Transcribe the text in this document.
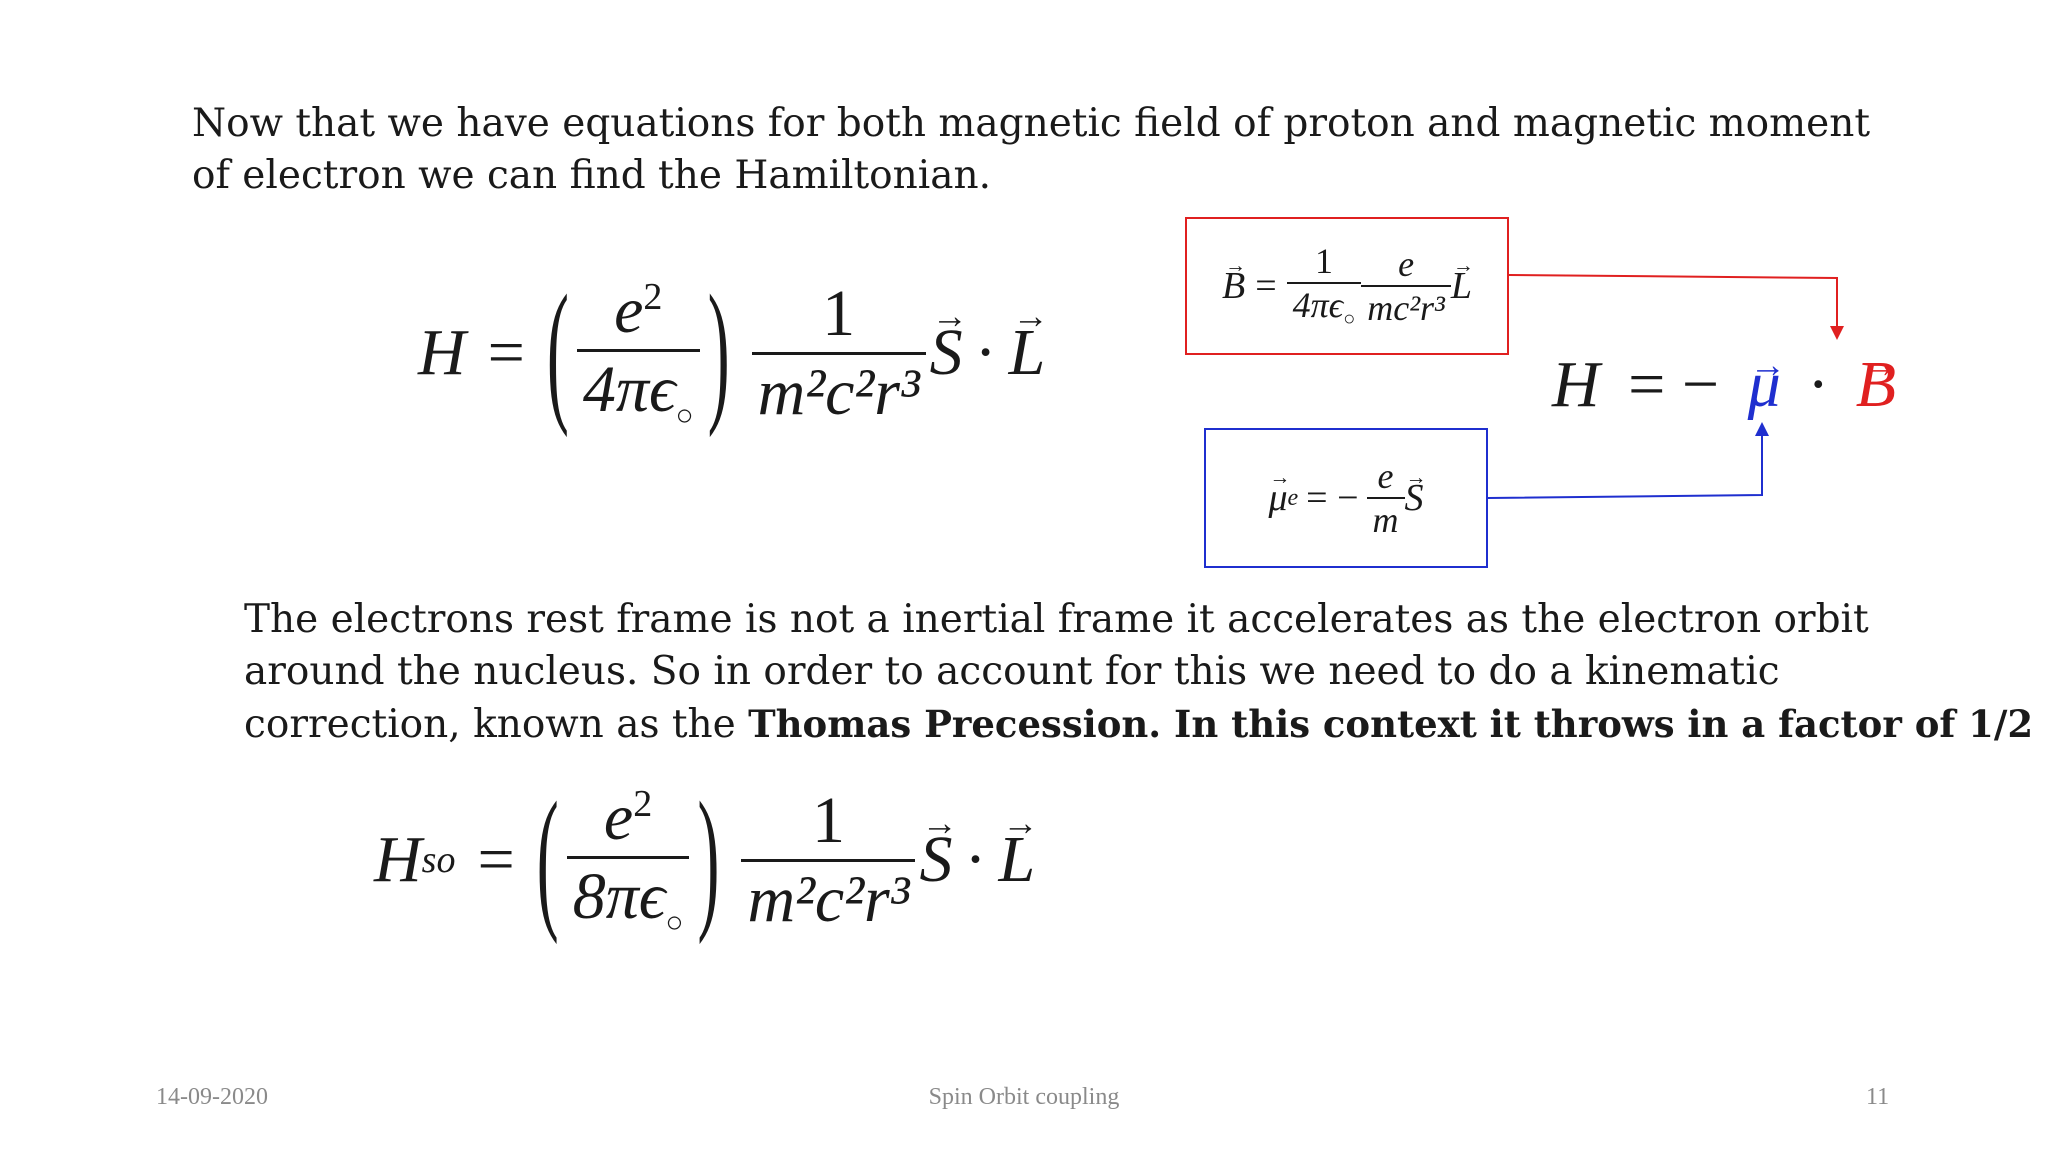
Now that we have equations for both magnetic field of proton and magnetic moment
of electron we can find the Hamiltonian.
H = ( $\frac{e^2}{4\pi\epsilon_○}$ ) $\frac{1}{\text{m²c²r³}}$
→ S ·
→ L
→ $B = \frac{1}{4\pi\epsilon_○} \frac{e}{\text{mc²r³}}$
→ L
→ μ e = − $\frac{e}{m}$
→ S
H = − → μ · → B
The electrons rest frame is not a inertial frame it accelerates as the electron orbit
around the nucleus. So in order to account for this we need to do a kinematic
correction, known as the Thomas Precession. In this context it throws in a factor of 1/2
H so = ( $\frac{e^2}{8\pi\epsilon_○}$ ) $\frac{1}{\text{m²c²r³}}$
→ S ·
→ L
14-09-2020	Spin Orbit coupling	11
